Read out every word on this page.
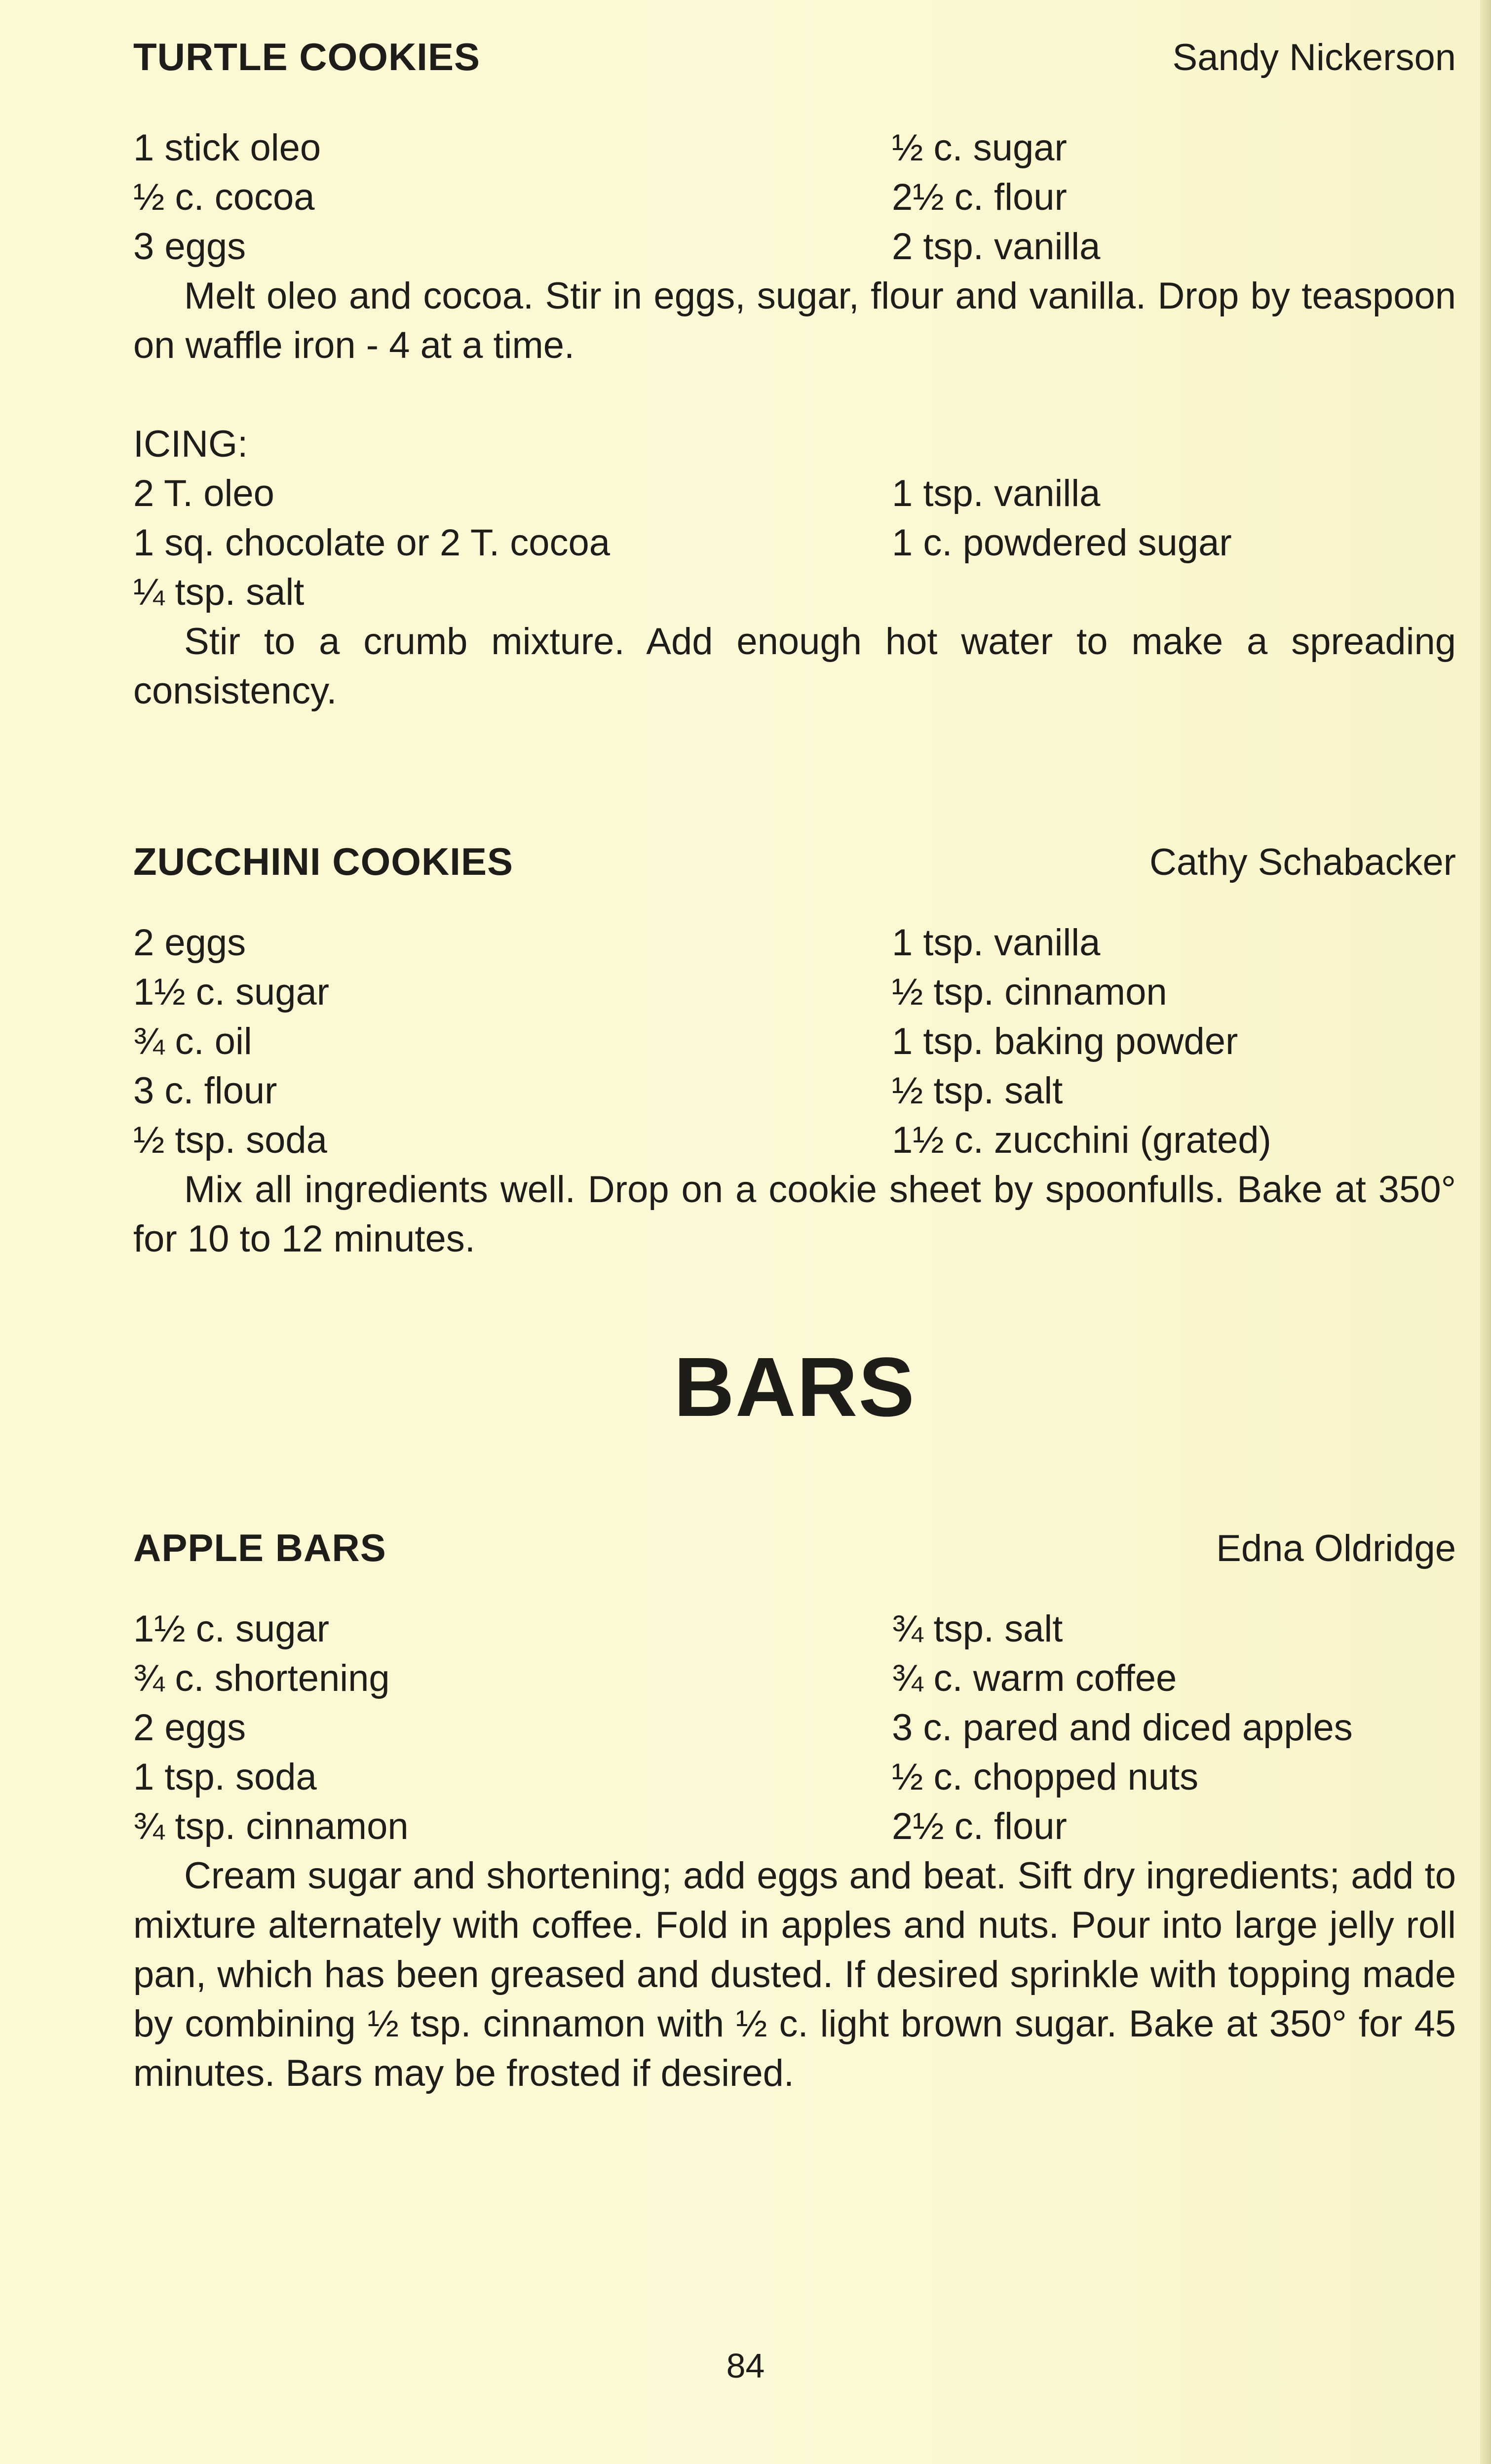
TURTLE COOKIES	Sandy Nickerson
1 stick oleo	½ c. sugar
½ c. cocoa	2½ c. flour
3 eggs	2 tsp. vanilla

Melt oleo and cocoa. Stir in eggs, sugar, flour and vanilla. Drop by teaspoon on waffle iron - 4 at a time.

ICING:
2 T. oleo	1 tsp. vanilla
1 sq. chocolate or 2 T. cocoa	1 c. powdered sugar
¼ tsp. salt

Stir to a crumb mixture. Add enough hot water to make a spreading consistency.

ZUCCHINI COOKIES	Cathy Schabacker
2 eggs	1 tsp. vanilla
1½ c. sugar	½ tsp. cinnamon
¾ c. oil	1 tsp. baking powder
3 c. flour	½ tsp. salt
½ tsp. soda	1½ c. zucchini (grated)

Mix all ingredients well. Drop on a cookie sheet by spoonfulls. Bake at 350° for 10 to 12 minutes.

BARS
APPLE BARS	Edna Oldridge
1½ c. sugar	¾ tsp. salt
¾ c. shortening	¾ c. warm coffee
2 eggs	3 c. pared and diced apples
1 tsp. soda	½ c. chopped nuts
¾ tsp. cinnamon	2½ c. flour

Cream sugar and shortening; add eggs and beat. Sift dry ingredients; add to mixture alternately with coffee. Fold in apples and nuts. Pour into large jelly roll pan, which has been greased and dusted. If desired sprinkle with topping made by combining ½ tsp. cinnamon with ½ c. light brown sugar. Bake at 350° for 45 minutes. Bars may be frosted if desired.

84
